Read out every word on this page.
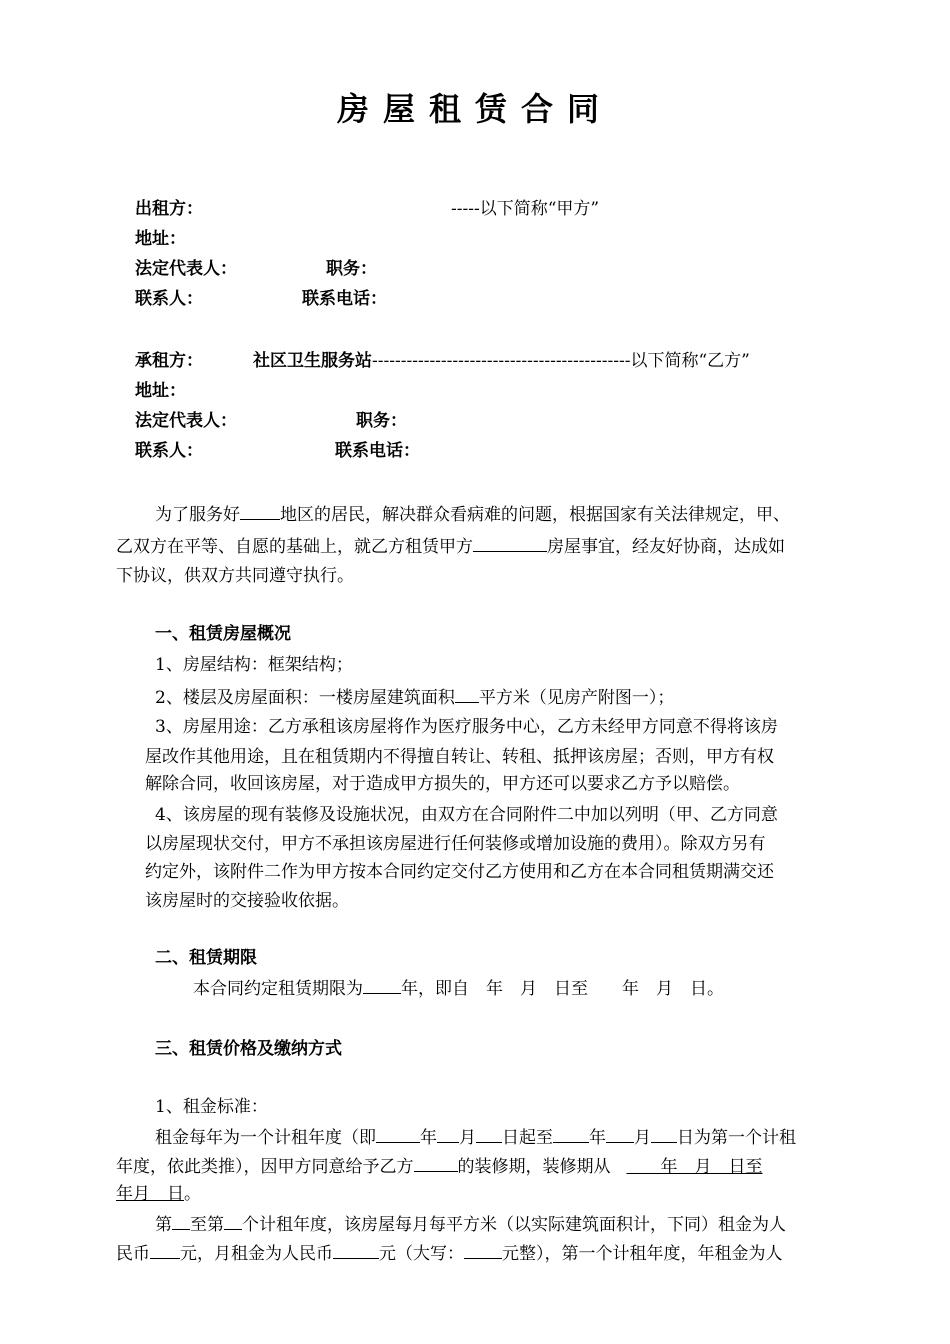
房屋租赁合同
出租方：	-----以下简称“甲方”
地址：
法定代表人：	职务：
联系人：	联系电话：
承租方：	社区卫生服务站---------------------------------------------以下简称“乙方”
地址：
法定代表人：	职务：
联系人：	联系电话：
为了服务好 地区的居民，解决群众看病难的问题，根据国家有关法律规定，甲、
乙双方在平等、自愿的基础上，就乙方租赁甲方	房屋事宜，经友好协商，达成如
下协议，供双方共同遵守执行。
一、租赁房屋概况
1、房屋结构：框架结构；
2、楼层及房屋面积：一楼房屋建筑面积 平方米（见房产附图一）；
3、房屋用途：乙方承租该房屋将作为医疗服务中心，乙方未经甲方同意不得将该房
屋改作其他用途，且在租赁期内不得擅自转让、转租、抵押该房屋；否则，甲方有权
解除合同，收回该房屋，对于造成甲方损失的，甲方还可以要求乙方予以赔偿。
4、该房屋的现有装修及设施状况，由双方在合同附件二中加以列明（甲、乙方同意
以房屋现状交付，甲方不承担该房屋进行任何装修或增加设施的费用）。除双方另有
约定外，该附件二作为甲方按本合同约定交付乙方使用和乙方在本合同租赁期满交还
该房屋时的交接验收依据。
二、租赁期限
本合同约定租赁期限为 年，即自　年　月　日至　　年　月　日。
三、租赁价格及缴纳方式
1、租金标准：
租金每年为一个计租年度（即	年 月 日起至 年 月 日为第一个计租
年度，依此类推），因甲方同意给予乙方	的装修期，装修期从　　年　月　日至
年月　日。
第 至第 个计租年度，该房屋每月每平方米（以实际建筑面积计，下同）租金为人
民币 元，月租金为人民币	元（大写： 元整），第一个计租年度，年租金为人
